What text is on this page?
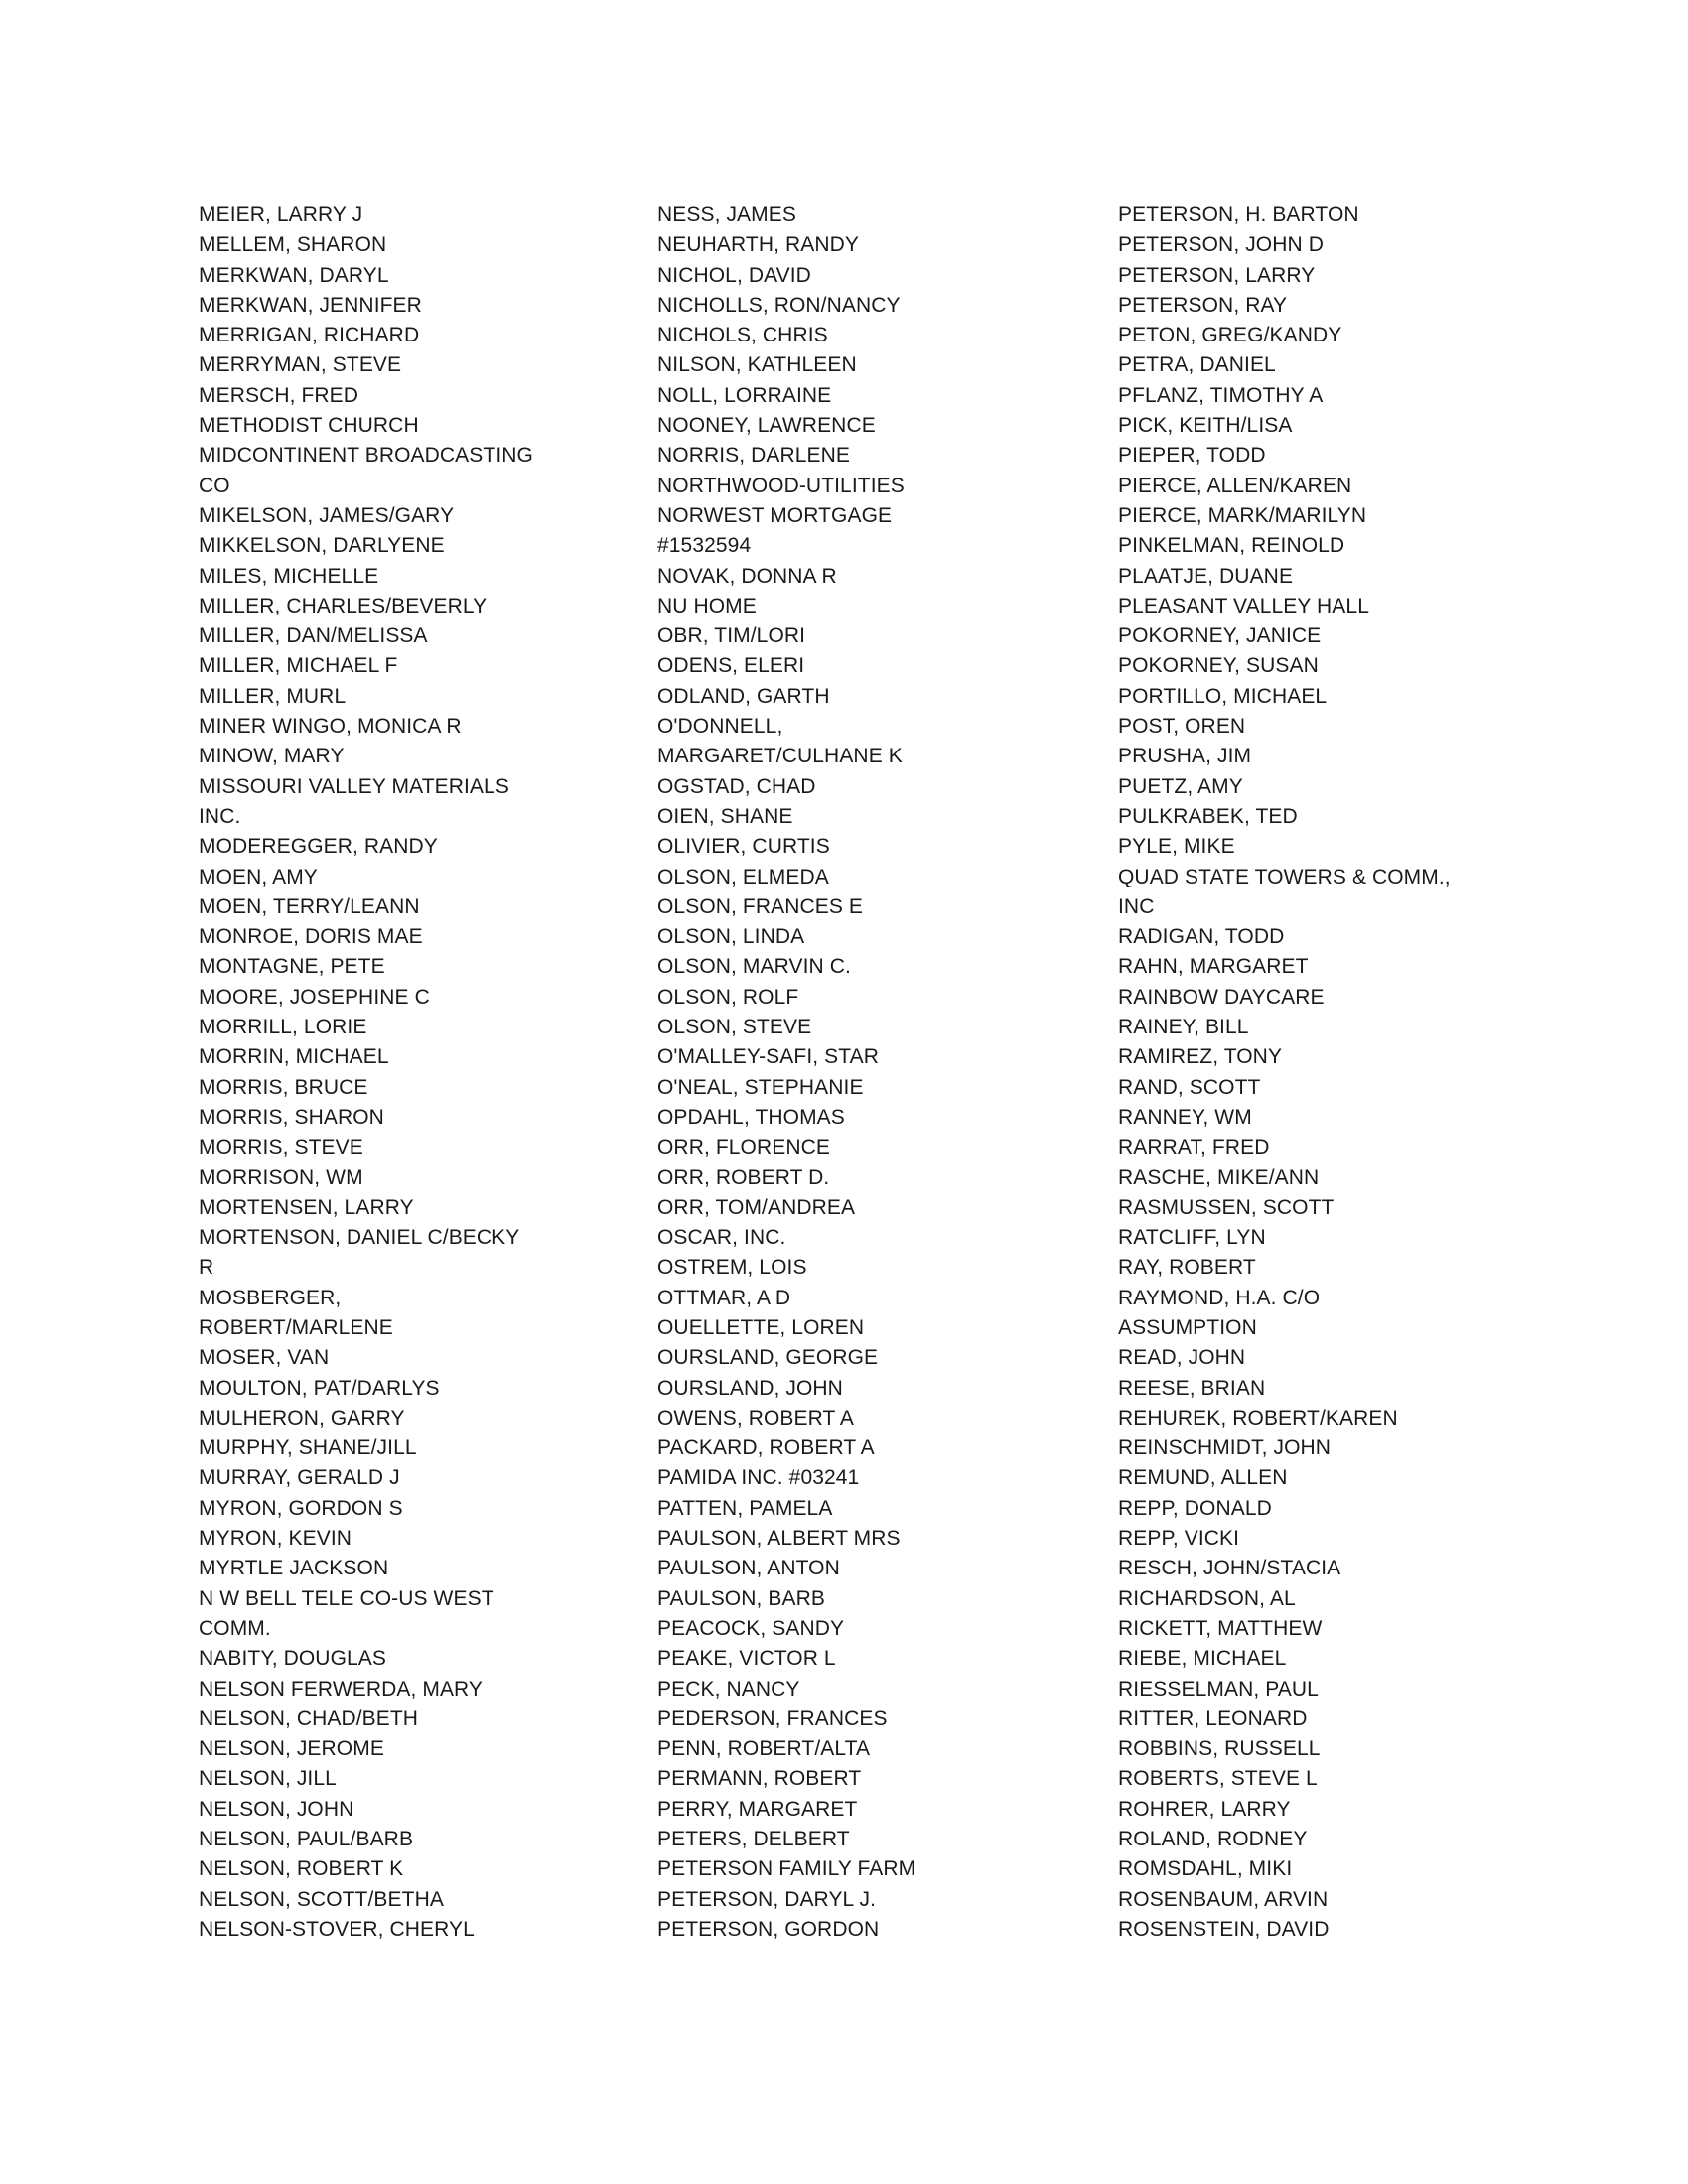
MEIER, LARRY J
MELLEM, SHARON
MERKWAN, DARYL
MERKWAN, JENNIFER
MERRIGAN, RICHARD
MERRYMAN, STEVE
MERSCH, FRED
METHODIST CHURCH
MIDCONTINENT BROADCASTING
CO
MIKELSON, JAMES/GARY
MIKKELSON, DARLYENE
MILES, MICHELLE
MILLER, CHARLES/BEVERLY
MILLER, DAN/MELISSA
MILLER, MICHAEL F
MILLER, MURL
MINER WINGO, MONICA R
MINOW, MARY
MISSOURI VALLEY MATERIALS
INC.
MODEREGGER, RANDY
MOEN, AMY
MOEN, TERRY/LEANN
MONROE, DORIS MAE
MONTAGNE, PETE
MOORE, JOSEPHINE C
MORRILL, LORIE
MORRIN, MICHAEL
MORRIS, BRUCE
MORRIS, SHARON
MORRIS, STEVE
MORRISON, WM
MORTENSEN, LARRY
MORTENSON, DANIEL C/BECKY
R
MOSBERGER,
ROBERT/MARLENE
MOSER, VAN
MOULTON, PAT/DARLYS
MULHERON, GARRY
MURPHY, SHANE/JILL
MURRAY, GERALD J
MYRON, GORDON S
MYRON, KEVIN
MYRTLE JACKSON
N W BELL TELE CO-US WEST
COMM.
NABITY, DOUGLAS
NELSON FERWERDA, MARY
NELSON, CHAD/BETH
NELSON, JEROME
NELSON, JILL
NELSON, JOHN
NELSON, PAUL/BARB
NELSON, ROBERT K
NELSON, SCOTT/BETHA
NELSON-STOVER, CHERYL
NESS, JAMES
NEUHARTH, RANDY
NICHOL, DAVID
NICHOLLS, RON/NANCY
NICHOLS, CHRIS
NILSON, KATHLEEN
NOLL, LORRAINE
NOONEY, LAWRENCE
NORRIS, DARLENE
NORTHWOOD-UTILITIES
NORWEST MORTGAGE
#1532594
NOVAK, DONNA R
NU HOME
OBR, TIM/LORI
ODENS, ELERI
ODLAND, GARTH
O'DONNELL,
MARGARET/CULHANE K
OGSTAD, CHAD
OIEN, SHANE
OLIVIER, CURTIS
OLSON, ELMEDA
OLSON, FRANCES E
OLSON, LINDA
OLSON, MARVIN C.
OLSON, ROLF
OLSON, STEVE
O'MALLEY-SAFI, STAR
O'NEAL, STEPHANIE
OPDAHL, THOMAS
ORR, FLORENCE
ORR, ROBERT D.
ORR, TOM/ANDREA
OSCAR, INC.
OSTREM, LOIS
OTTMAR, A D
OUELLETTE, LOREN
OURSLAND, GEORGE
OURSLAND, JOHN
OWENS, ROBERT A
PACKARD, ROBERT A
PAMIDA INC. #03241
PATTEN, PAMELA
PAULSON, ALBERT MRS
PAULSON, ANTON
PAULSON, BARB
PEACOCK, SANDY
PEAKE, VICTOR L
PECK, NANCY
PEDERSON, FRANCES
PENN, ROBERT/ALTA
PERMANN, ROBERT
PERRY, MARGARET
PETERS, DELBERT
PETERSON FAMILY FARM
PETERSON, DARYL J.
PETERSON, GORDON
PETERSON, H. BARTON
PETERSON, JOHN D
PETERSON, LARRY
PETERSON, RAY
PETON, GREG/KANDY
PETRA, DANIEL
PFLANZ, TIMOTHY A
PICK, KEITH/LISA
PIEPER, TODD
PIERCE, ALLEN/KAREN
PIERCE, MARK/MARILYN
PINKELMAN, REINOLD
PLAATJE, DUANE
PLEASANT VALLEY HALL
POKORNEY, JANICE
POKORNEY, SUSAN
PORTILLO, MICHAEL
POST, OREN
PRUSHA, JIM
PUETZ, AMY
PULKRABEK, TED
PYLE, MIKE
QUAD STATE TOWERS & COMM.,
INC
RADIGAN, TODD
RAHN, MARGARET
RAINBOW DAYCARE
RAINEY, BILL
RAMIREZ, TONY
RAND, SCOTT
RANNEY, WM
RARRAT, FRED
RASCHE, MIKE/ANN
RASMUSSEN, SCOTT
RATCLIFF, LYN
RAY, ROBERT
RAYMOND, H.A. C/O
ASSUMPTION
READ, JOHN
REESE, BRIAN
REHUREK, ROBERT/KAREN
REINSCHMIDT, JOHN
REMUND, ALLEN
REPP, DONALD
REPP, VICKI
RESCH, JOHN/STACIA
RICHARDSON, AL
RICKETT, MATTHEW
RIEBE, MICHAEL
RIESSELMAN, PAUL
RITTER, LEONARD
ROBBINS, RUSSELL
ROBERTS, STEVE L
ROHRER, LARRY
ROLAND, RODNEY
ROMSDAHL, MIKI
ROSENBAUM, ARVIN
ROSENSTEIN, DAVID
